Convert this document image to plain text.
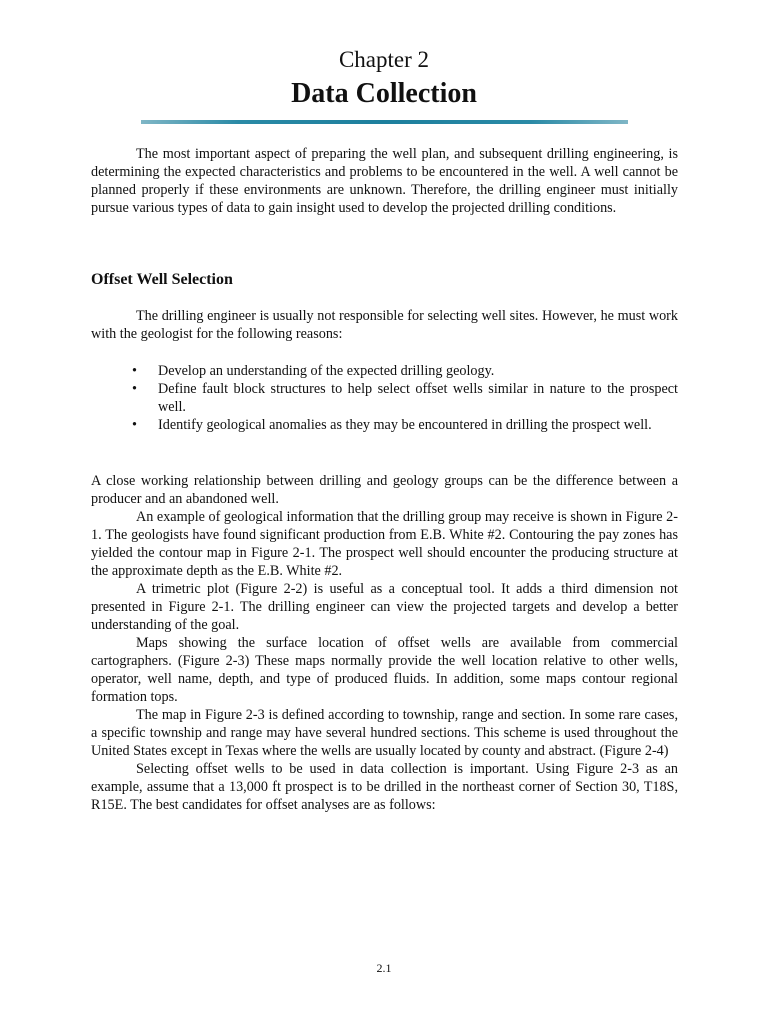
Chapter 2
Data Collection

The most important aspect of preparing the well plan, and subsequent drilling engineering, is determining the expected characteristics and problems to be encountered in the well. A well cannot be planned properly if these environments are unknown. Therefore, the drilling engineer must initially pursue various types of data to gain insight used to develop the projected drilling conditions.

Offset Well Selection

The drilling engineer is usually not responsible for selecting well sites. However, he must work with the geologist for the following reasons:

• Develop an understanding of the expected drilling geology.
• Define fault block structures to help select offset wells similar in nature to the prospect well.
• Identify geological anomalies as they may be encountered in drilling the prospect well.

A close working relationship between drilling and geology groups can be the difference between a producer and an abandoned well.

An example of geological information that the drilling group may receive is shown in Figure 2-1. The geologists have found significant production from E.B. White #2. Contouring the pay zones has yielded the contour map in Figure 2-1. The prospect well should encounter the producing structure at the approximate depth as the E.B. White #2.

A trimetric plot (Figure 2-2) is useful as a conceptual tool. It adds a third dimension not presented in Figure 2-1. The drilling engineer can view the projected targets and develop a better understanding of the goal.

Maps showing the surface location of offset wells are available from commercial cartographers. (Figure 2-3) These maps normally provide the well location relative to other wells, operator, well name, depth, and type of produced fluids. In addition, some maps contour regional formation tops.

The map in Figure 2-3 is defined according to township, range and section. In some rare cases, a specific township and range may have several hundred sections. This scheme is used throughout the United States except in Texas where the wells are usually located by county and abstract. (Figure 2-4)

Selecting offset wells to be used in data collection is important. Using Figure 2-3 as an example, assume that a 13,000 ft prospect is to be drilled in the northeast corner of Section 30, T18S, R15E. The best candidates for offset analyses are as follows:

2.1
